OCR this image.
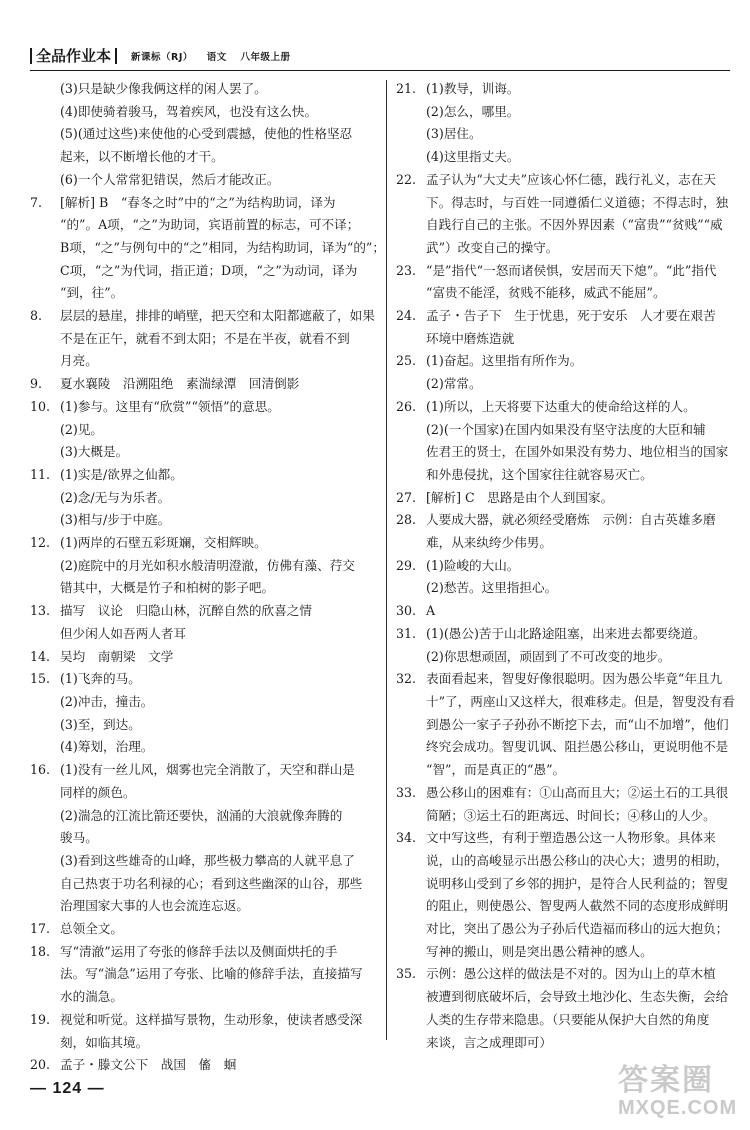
全品作业本	新课标（RJ） 语文 八年级上册
(3)只是缺少像我俩这样的闲人罢了。
(4)即使骑着骏马，驾着疾风，也没有这么快。
(5)(通过这些)来使他的心受到震撼，使他的性格坚忍
起来，以不断增长他的才干。
(6)一个人常常犯错误，然后才能改正。
7.	[解析] B　“春冬之时”中的“之”为结构助词，译为
“的”。A项，“之”为助词，宾语前置的标志，可不译；
B项，“之”与例句中的“之”相同，为结构助词，译为“的”；
C项，“之”为代词，指正道；D项，“之”为动词，译为
“到，往”。
8.	层层的悬崖，排排的峭壁，把天空和太阳都遮蔽了，如果
不是在正午，就看不到太阳；不是在半夜，就看不到
月亮。
9.	夏水襄陵　沿溯阻绝　素湍绿潭　回清倒影
10. (1)参与。这里有“欣赏”“领悟”的意思。
(2)见。
(3)大概是。
11. (1)实是/欲界之仙都。
(2)念/无与为乐者。
(3)相与/步于中庭。
12. (1)两岸的石壁五彩斑斓，交相辉映。
(2)庭院中的月光如积水般清明澄澈，仿佛有藻、荇交
错其中，大概是竹子和柏树的影子吧。
13. 描写　议论　归隐山林，沉醉自然的欣喜之情
但少闲人如吾两人者耳
14. 吴均　南朝梁　文学
15. (1)飞奔的马。
(2)冲击，撞击。
(3)至，到达。
(4)筹划，治理。
16. (1)没有一丝儿风，烟雾也完全消散了，天空和群山是
同样的颜色。
(2)湍急的江流比箭还要快，汹涌的大浪就像奔腾的
骏马。
(3)看到这些雄奇的山峰，那些极力攀高的人就平息了
自己热衷于功名利禄的心；看到这些幽深的山谷，那些
治理国家大事的人也会流连忘返。
17. 总领全文。
18. 写“清澈”运用了夸张的修辞手法以及侧面烘托的手
法。写“湍急”运用了夸张、比喻的修辞手法，直接描写
水的湍急。
19. 视觉和听觉。这样描写景物，生动形象，使读者感受深
刻，如临其境。
20. 孟子・滕文公下　战国　傗　蛔
21. (1)教导，训诲。
(2)怎么，哪里。
(3)居住。
(4)这里指丈夫。
22. 孟子认为“大丈夫”应该心怀仁德，践行礼义，志在天
下。得志时，与百姓一同遵循仁义道德；不得志时，独
自践行自己的主张。不因外界因素（“富贵”“贫贱”“威
武”）改变自己的操守。
23. “是”指代“一怒而诸侯惧，安居而天下熄”。“此”指代
“富贵不能淫，贫贱不能移，威武不能屈”。
24. 孟子・告子下　生于忧患，死于安乐　人才要在艰苦
环境中磨炼造就
25. (1)奋起。这里指有所作为。
(2)常常。
26. (1)所以，上天将要下达重大的使命给这样的人。
(2)(一个国家)在国内如果没有坚守法度的大臣和辅
佐君王的贤士，在国外如果没有势力、地位相当的国家
和外患侵扰，这个国家往往就容易灭亡。
27. [解析] C　思路是由个人到国家。
28. 人要成大器，就必须经受磨炼　示例：自古英雄多磨
难，从来纨绔少伟男。
29. (1)险峻的大山。
(2)愁苦。这里指担心。
30. A
31. (1)(愚公)苦于山北路途阻塞，出来进去都要绕道。
(2)你思想顽固，顽固到了不可改变的地步。
32. 表面看起来，智叟好像很聪明。因为愚公毕竟“年且九
十”了，两座山又这样大，很难移走。但是，智叟没有看
到愚公一家子子孙孙不断挖下去，而“山不加增”，他们
终究会成功。智叟讥讽、阻拦愚公移山，更说明他不是
“智”，而是真正的“愚”。
33. 愚公移山的困难有：①山高而且大；②运土石的工具很
简陋；③运土石的距离远、时间长；④移山的人少。
34. 文中写这些，有利于塑造愚公这一人物形象。具体来
说，山的高峻显示出愚公移山的决心大；遗男的相助，
说明移山受到了乡邻的拥护，是符合人民利益的；智叟
的阻止，则使愚公、智叟两人截然不同的态度形成鲜明
对比，突出了愚公为子孙后代造福而移山的远大抱负；
写神的搬山，则是突出愚公精神的感人。
35. 示例：愚公这样的做法是不对的。因为山上的草木植
被遭到彻底破坏后，会导致土地沙化、生态失衡，会给
人类的生存带来隐患。（只要能从保护大自然的角度
来谈，言之成理即可）
— 124 —	答案圈
MXQE.COM
